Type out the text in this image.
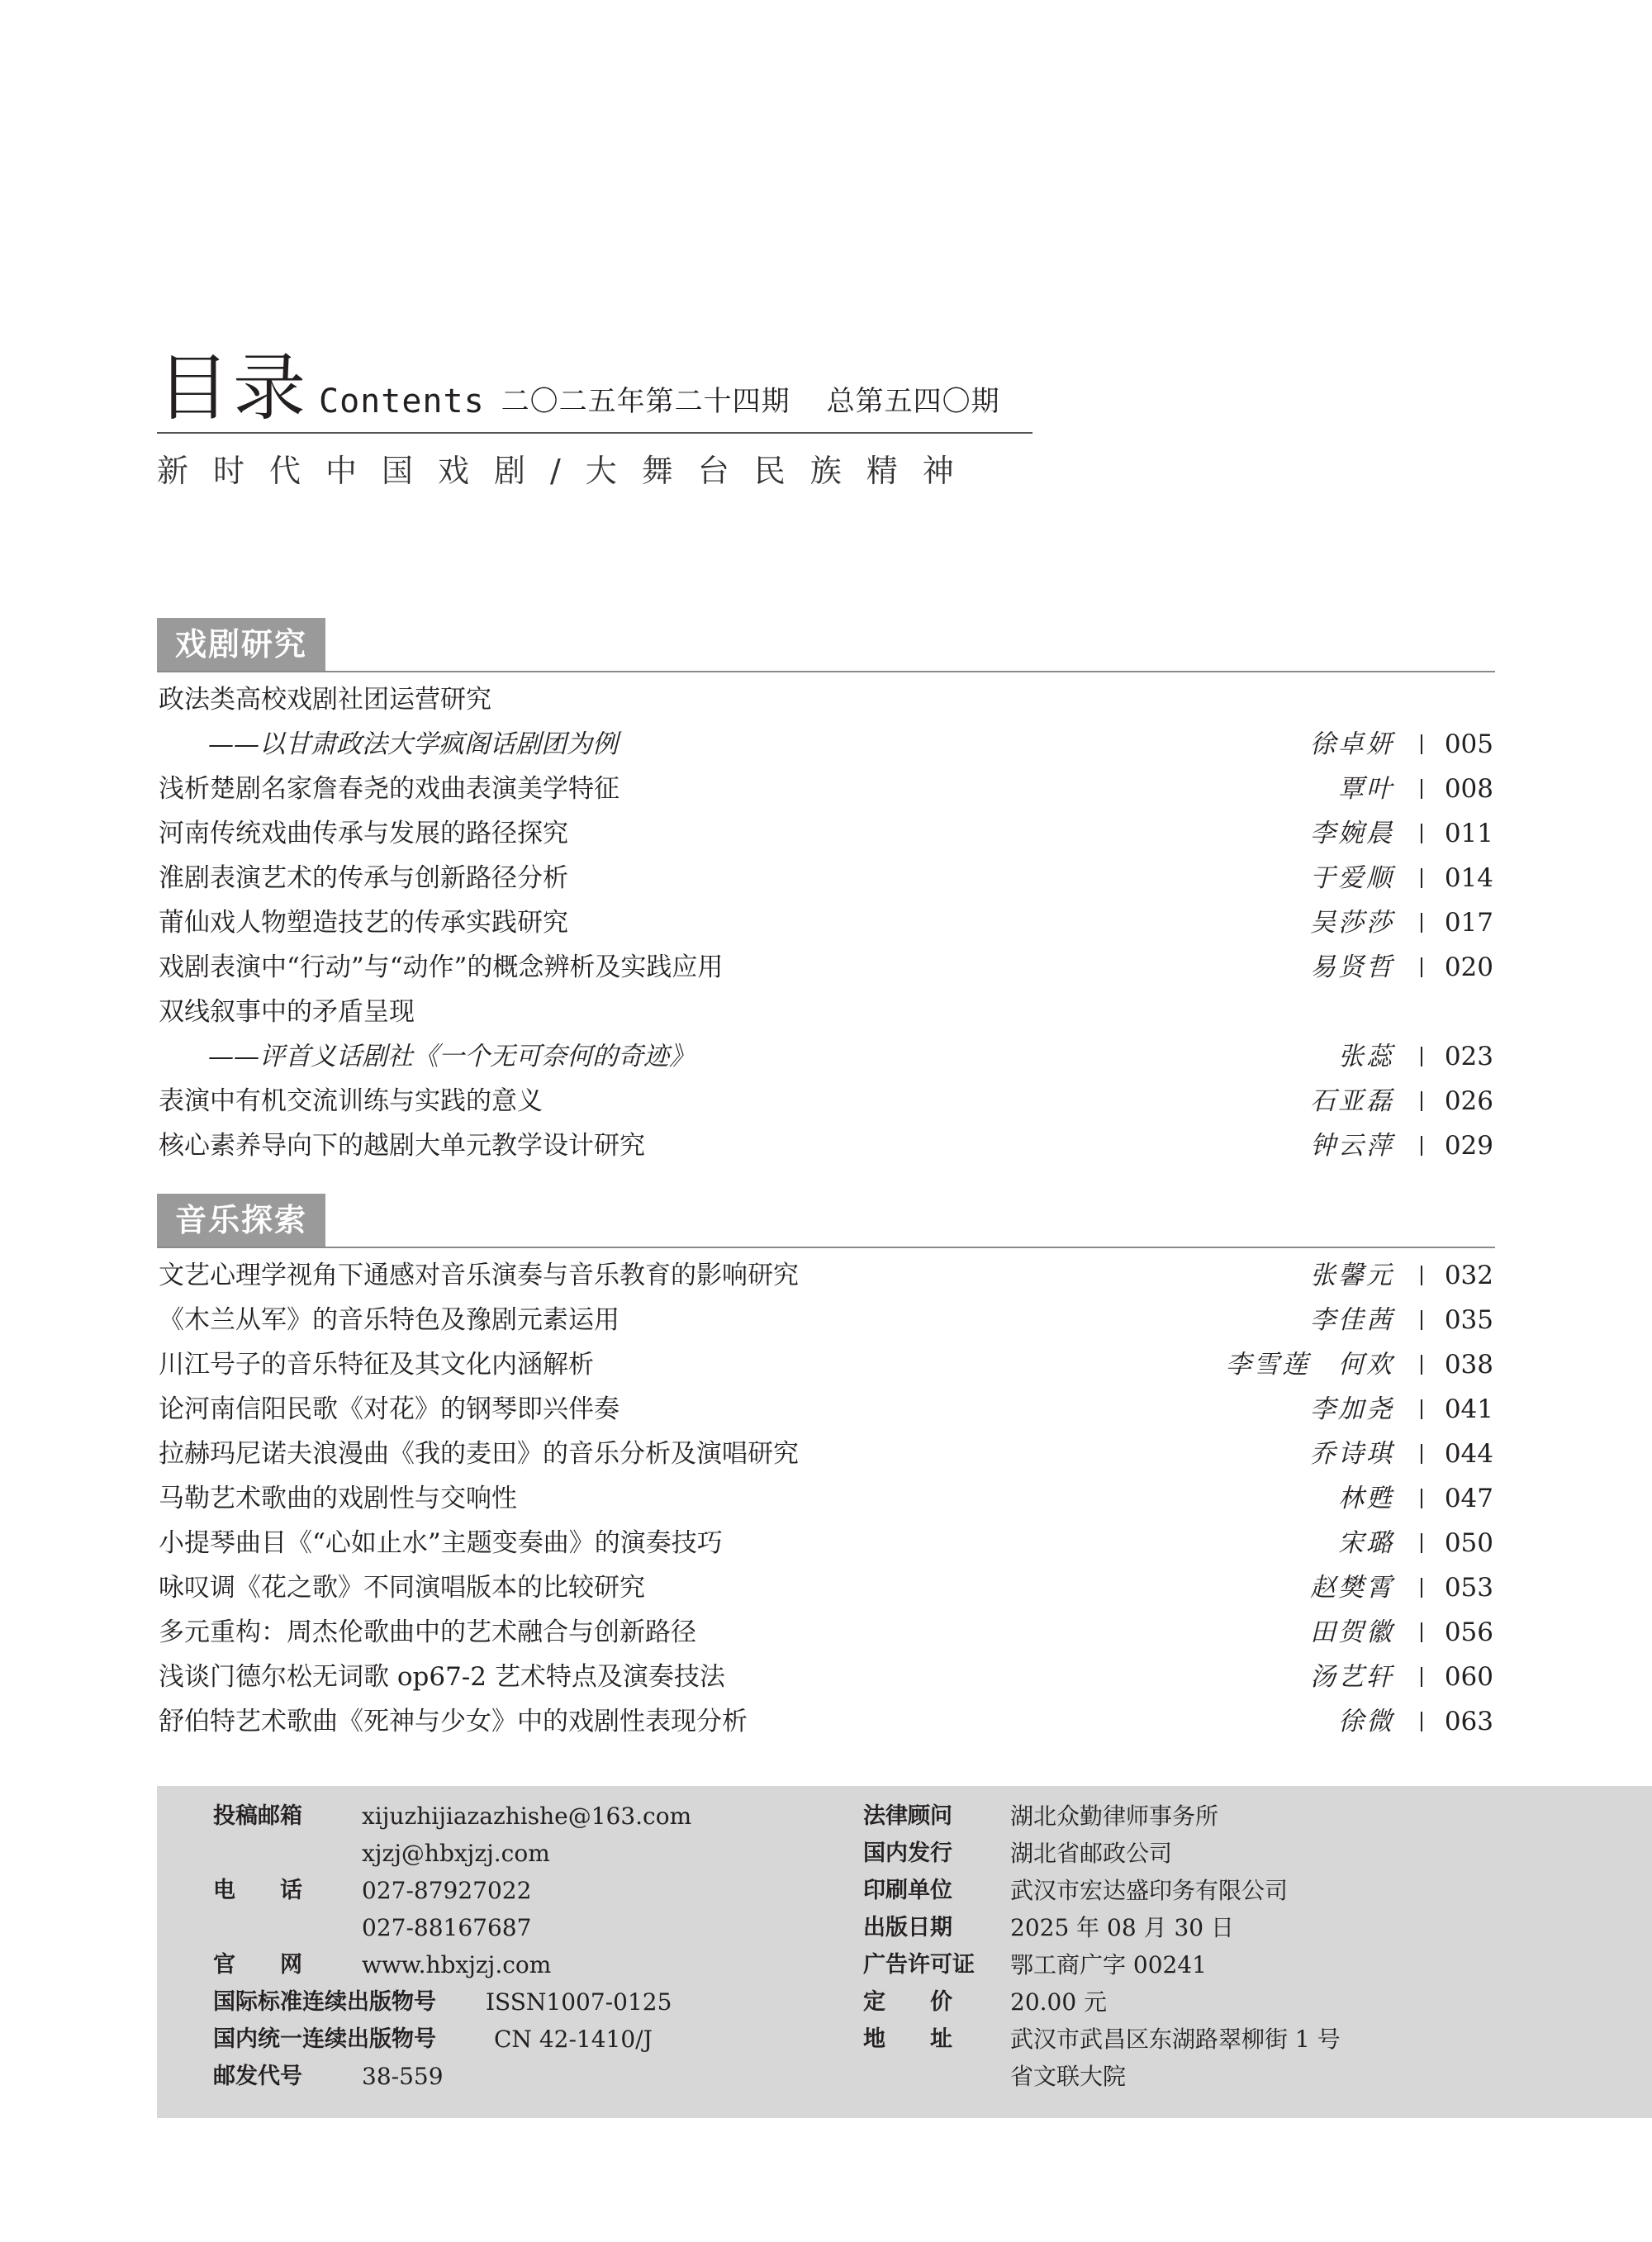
目录 Contents 二〇二五年第二十四期 总第五四〇期
新时代中国戏剧/大舞台民族精神
戏剧研究
政法类高校戏剧社团运营研究
——以甘肃政法大学疯阁话剧团为例	徐卓妍 005
浅析楚剧名家詹春尧的戏曲表演美学特征	覃叶 008
河南传统戏曲传承与发展的路径探究	李婉晨 011
淮剧表演艺术的传承与创新路径分析	于爱顺 014
莆仙戏人物塑造技艺的传承实践研究	吴莎莎 017
戏剧表演中“行动”与“动作”的概念辨析及实践应用	易贤哲 020
双线叙事中的矛盾呈现
——评首义话剧社《一个无可奈何的奇迹》	张蕊 023
表演中有机交流训练与实践的意义	石亚磊 026
核心素养导向下的越剧大单元教学设计研究	钟云萍 029
音乐探索
文艺心理学视角下通感对音乐演奏与音乐教育的影响研究	张馨元 032
《木兰从军》的音乐特色及豫剧元素运用	李佳茜 035
川江号子的音乐特征及其文化内涵解析	李雪莲　何欢 038
论河南信阳民歌《对花》的钢琴即兴伴奏	李加尧 041
拉赫玛尼诺夫浪漫曲《我的麦田》的音乐分析及演唱研究	乔诗琪 044
马勒艺术歌曲的戏剧性与交响性	林甦 047
小提琴曲目《“心如止水”主题变奏曲》的演奏技巧	宋璐 050
咏叹调《花之歌》不同演唱版本的比较研究	赵樊霄 053
多元重构：周杰伦歌曲中的艺术融合与创新路径	田贺徽 056
浅谈门德尔松无词歌 op67-2 艺术特点及演奏技法	汤艺轩 060
舒伯特艺术歌曲《死神与少女》中的戏剧性表现分析	徐微 063
投稿邮箱	xijuzhijiazazhishe@163.com
xjzj@hbxjzj.com
电　　话	027-87927022
027-88167687
官　　网	www.hbxjzj.com
国际标准连续出版物号 ISSN1007-0125
国内统一连续出版物号	CN 42-1410/J
邮发代号	38-559
法律顾问	湖北众勤律师事务所
国内发行	湖北省邮政公司
印刷单位	武汉市宏达盛印务有限公司
出版日期	2025 年 08 月 30 日
广告许可证 鄂工商广字 00241
定　　价	20.00 元
地　　址	武汉市武昌区东湖路翠柳街 1 号
省文联大院
